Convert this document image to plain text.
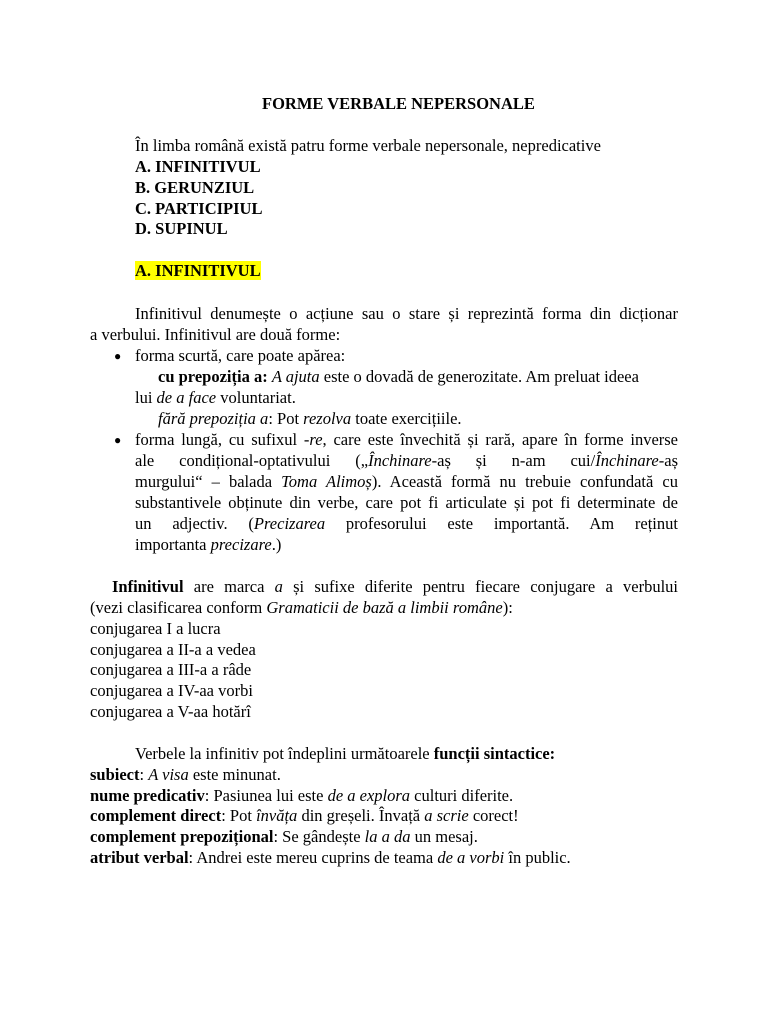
FORME VERBALE NEPERSONALE
În limba română există patru forme verbale nepersonale, nepredicative
A. INFINITIVUL
B. GERUNZIUL
C. PARTICIPIUL
D. SUPINUL
A. INFINITIVUL
Infinitivul denumește o acțiune sau o stare și reprezintă forma din dicționar
a verbului. Infinitivul are două forme:
● forma scurtă, care poate apărea:
cu prepoziția a: A ajuta este o dovadă de generozitate. Am preluat ideea
lui de a face voluntariat.
fără prepoziția a: Pot rezolva toate exercițiile.
● forma lungă, cu sufixul -re, care este învechită și rară, apare în forme inverse
ale condițional-optativului („Închinare-aș și n-am cui/Închinare-aș
murgului“ – balada Toma Alimoș). Această formă nu trebuie confundată cu
substantivele obținute din verbe, care pot fi articulate și pot fi determinate de
un adjectiv. (Precizarea profesorului este importantă. Am reținut
importanta precizare.)
Infinitivul are marca a și sufixe diferite pentru fiecare conjugare a verbului
(vezi clasificarea conform Gramaticii de bază a limbii române):
conjugarea I a lucra
conjugarea a II-a a vedea
conjugarea a III-a a râde
conjugarea a IV-aa vorbi
conjugarea a V-aa hotărî
Verbele la infinitiv pot îndeplini următoarele funcții sintactice:
subiect: A visa este minunat.
nume predicativ: Pasiunea lui este de a explora culturi diferite.
complement direct: Pot învăța din greșeli. Învață a scrie corect!
complement prepozițional: Se gândește la a da un mesaj.
atribut verbal: Andrei este mereu cuprins de teama de a vorbi în public.
